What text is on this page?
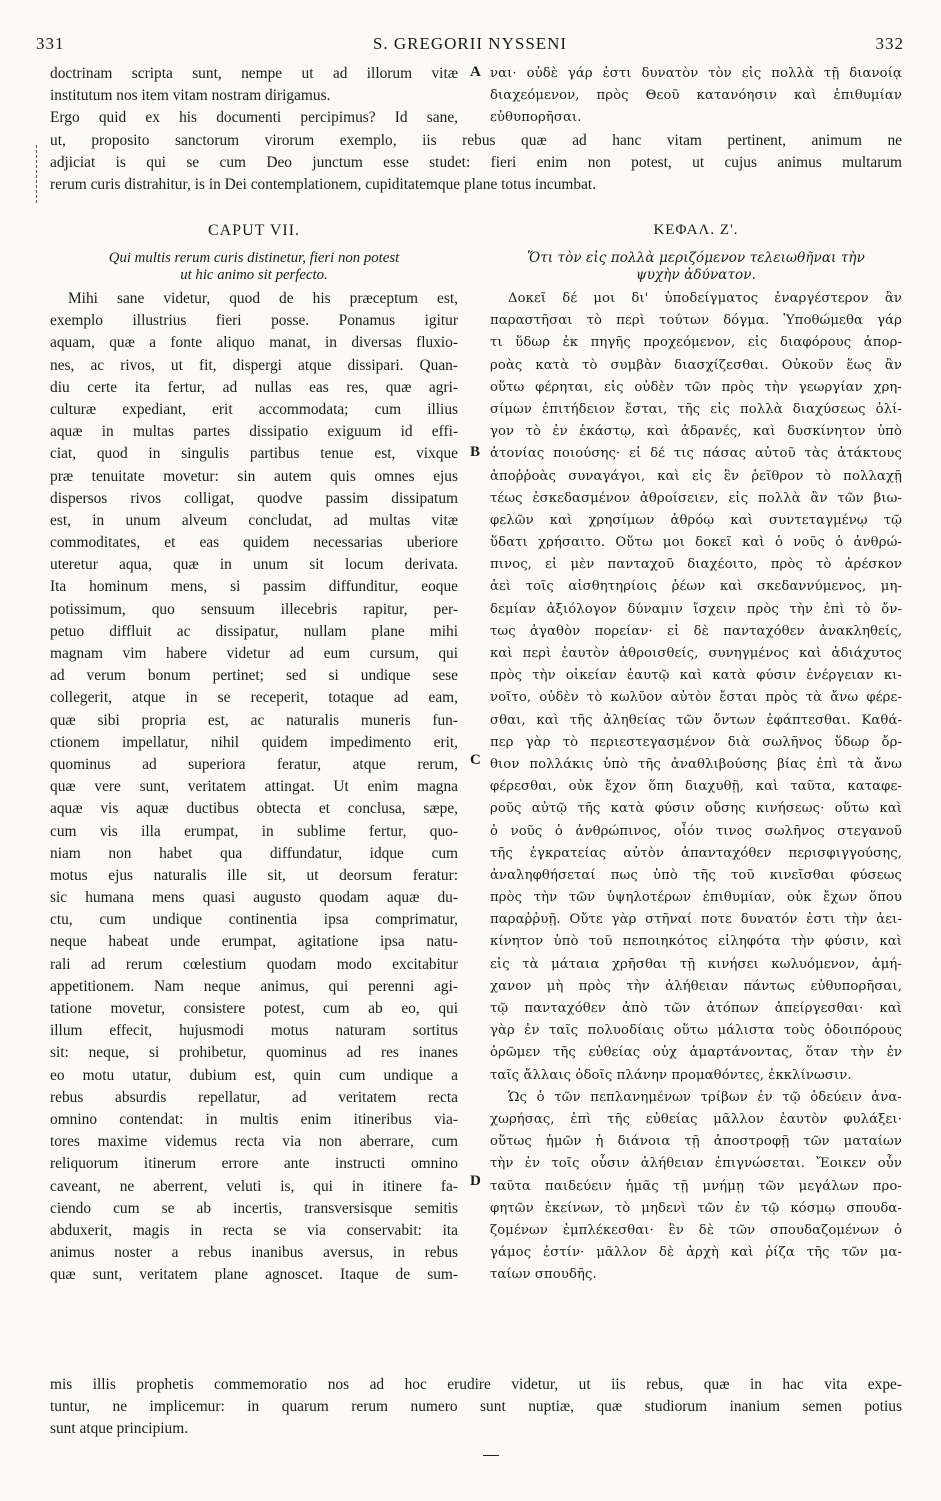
331	S. GREGORII NYSSENI	332
doctrinam scripta sunt, nempe ut ad illorum vitæ
institutum nos item vitam nostram dirigamus.
Ergo quid ex his documenti percipimus? Id sane,
A ναι· οὐδὲ γάρ ἐστι δυνατὸν τὸν εἰς πολλὰ τῇ διανοίᾳ
διαχεόμενον, πρὸς Θεοῦ κατανόησιν καὶ ἐπιθυμίαν
εὐθυπορῆσαι.
ut, proposito sanctorum virorum exemplo, iis rebus quæ ad hanc vitam pertinent, animum ne
adjiciat is qui se cum Deo junctum esse studet: fieri enim non potest, ut cujus animus multarum
rerum curis distrahitur, is in Dei contemplationem, cupiditatemque plane totus incumbat.
CAPUT VII.	ΚΕΦΑΛ. Ζ'.
Qui multis rerum curis distinetur, fieri non potest
ut hic animo sit perfecto.
Ὅτι τὸν εἰς πολλὰ μεριζόμενον τελειωθῆναι τὴν
ψυχὴν ἀδύνατον.
Mihi sane videtur, quod de his præceptum est,
exemplo illustrius fieri posse. Ponamus igitur
aquam, quæ a fonte aliquo manat, in diversas fluxio-
nes, ac rivos, ut fit, dispergi atque dissipari. Quan-
diu certe ita fertur, ad nullas eas res, quæ agri-
culturæ expediant, erit accommodata; cum illius
aquæ in multas partes dissipatio exiguum id effi-
ciat, quod in singulis partibus tenue est, vixque
præ tenuitate movetur: sin autem quis omnes ejus
dispersos rivos colligat, quodve passim dissipatum
est, in unum alveum concludat, ad multas vitæ
commoditates, et eas quidem necessarias uberiore
uteretur aqua, quæ in unum sit locum derivata.
Ita hominum mens, si passim diffunditur, eoque
potissimum, quo sensuum illecebris rapitur, per-
petuo diffluit ac dissipatur, nullam plane mihi
magnam vim habere videtur ad eum cursum, qui
ad verum bonum pertinet; sed si undique sese
collegerit, atque in se receperit, totaque ad eam,
quæ sibi propria est, ac naturalis muneris fun-
ctionem impellatur, nihil quidem impedimento erit,
quominus ad superiora feratur, atque rerum,
quæ vere sunt, veritatem attingat. Ut enim magna
aquæ vis aquæ ductibus obtecta et conclusa, sæpe,
cum vis illa erumpat, in sublime fertur, quo-
niam non habet qua diffundatur, idque cum
motus ejus naturalis ille sit, ut deorsum feratur:
sic humana mens quasi augusto quodam aquæ du-
ctu, cum undique continentia ipsa comprimatur,
neque habeat unde erumpat, agitatione ipsa natu-
rali ad rerum cœlestium quodam modo excitabitur
appetitionem. Nam neque animus, qui perenni agi-
tatione movetur, consistere potest, cum ab eo, qui
illum effecit, hujusmodi motus naturam sortitus
sit: neque, si prohibetur, quominus ad res inanes
eo motu utatur, dubium est, quin cum undique a
rebus absurdis repellatur, ad veritatem recta
omnino contendat: in multis enim itineribus via-
tores maxime videmus recta via non aberrare, cum
reliquorum itinerum errore ante instructi omnino
caveant, ne aberrent, veluti is, qui in itinere fa-
ciendo cum se ab incertis, transversisque semitis
abduxerit, magis in recta se via conservabit: ita
animus noster a rebus inanibus aversus, in rebus
quæ sunt, veritatem plane agnoscet. Itaque de sum-
B
C
D
Δοκεῖ δέ μοι δι' ὑποδείγματος ἐναργέστερον ἂν
παραστῆσαι τὸ περὶ τούτων δόγμα. Ὑποθώμεθα γάρ
τι ὕδωρ ἐκ πηγῆς προχεόμενον, εἰς διαφόρους ἀπορ-
ροὰς κατὰ τὸ συμβὰν διασχίζεσθαι. Οὐκοῦν ἕως ἂν
οὕτω φέρηται, εἰς οὐδὲν τῶν πρὸς τὴν γεωργίαν χρη-
σίμων ἐπιτήδειον ἔσται, τῆς εἰς πολλὰ διαχύσεως ὀλί-
γον τὸ ἐν ἑκάστῳ, καὶ ἀδρανές, καὶ δυσκίνητον ὑπὸ
ἀτονίας ποιούσης· εἰ δέ τις πάσας αὐτοῦ τὰς ἀτάκτους
ἀποῤῥοὰς συναγάγοι, καὶ εἰς ἓν ῥεῖθρον τὸ πολλαχῇ
τέως ἐσκεδασμένον ἀθροίσειεν, εἰς πολλὰ ἂν τῶν βιω-
φελῶν καὶ χρησίμων ἀθρόῳ καὶ συντεταγμένῳ τῷ
ὕδατι χρήσαιτο. Οὕτω μοι δοκεῖ καὶ ὁ νοῦς ὁ ἀνθρώ-
πινος, εἰ μὲν πανταχοῦ διαχέοιτο, πρὸς τὸ ἀρέσκον
ἀεὶ τοῖς αἰσθητηρίοις ῥέων καὶ σκεδαννύμενος, μη-
δεμίαν ἀξιόλογον δύναμιν ἴσχειν πρὸς τὴν ἐπὶ τὸ ὄν-
τως ἀγαθὸν πορείαν· εἰ δὲ πανταχόθεν ἀνακληθείς,
καὶ περὶ ἑαυτὸν ἀθροισθείς, συνηγμένος καὶ ἀδιάχυτος
πρὸς τὴν οἰκείαν ἑαυτῷ καὶ κατὰ φύσιν ἐνέργειαν κι-
νοῖτο, οὐδὲν τὸ κωλῦον αὐτὸν ἔσται πρὸς τὰ ἄνω φέρε-
σθαι, καὶ τῆς ἀληθείας τῶν ὄντων ἐφάπτεσθαι. Καθά-
περ γὰρ τὸ περιεστεγασμένον διὰ σωλῆνος ὕδωρ ὄρ-
θιον πολλάκις ὑπὸ τῆς ἀναθλιβούσης βίας ἐπὶ τὰ ἄνω
φέρεσθαι, οὐκ ἔχον ὅπη διαχυθῇ, καὶ ταῦτα, καταφε-
ροῦς αὐτῷ τῆς κατὰ φύσιν οὔσης κινήσεως· οὕτω καὶ
ὁ νοῦς ὁ ἀνθρώπινος, οἷόν τινος σωλῆνος στεγανοῦ
τῆς ἐγκρατείας αὐτὸν ἀπανταχόθεν περισφιγγούσης,
ἀναληφθήσεταί πως ὑπὸ τῆς τοῦ κινεῖσθαι φύσεως
πρὸς τὴν τῶν ὑψηλοτέρων ἐπιθυμίαν, οὐκ ἔχων ὅπου
παραῤῥυῇ. Οὔτε γὰρ στῆναί ποτε δυνατόν ἐστι τὴν ἀει-
κίνητον ὑπὸ τοῦ πεποιηκότος εἰληφότα τὴν φύσιν, καὶ
εἰς τὰ μάταια χρῆσθαι τῇ κινήσει κωλυόμενον, ἀμή-
χανον μὴ πρὸς τὴν ἀλήθειαν πάντως εὐθυπορῆσαι,
τῷ πανταχόθεν ἀπὸ τῶν ἀτόπων ἀπείργεσθαι· καὶ
γὰρ ἐν ταῖς πολυοδίαις οὕτω μάλιστα τοὺς ὁδοιπόρους
ὁρῶμεν τῆς εὐθείας οὐχ ἁμαρτάνοντας, ὅταν τὴν ἐν
ταῖς ἄλλαις ὁδοῖς πλάνην προμαθόντες, ἐκκλίνωσιν.
Ὡς ὁ τῶν πεπλανημένων τρίβων ἐν τῷ ὁδεύειν ἀνα-
χωρήσας, ἐπὶ τῆς εὐθείας μᾶλλον ἑαυτὸν φυλάξει·
οὕτως ἡμῶν ἡ διάνοια τῇ ἀποστροφῇ τῶν ματαίων
τὴν ἐν τοῖς οὖσιν ἀλήθειαν ἐπιγνώσεται. Ἔοικεν οὖν
ταῦτα παιδεύειν ἡμᾶς τῇ μνήμῃ τῶν μεγάλων προ-
φητῶν ἐκείνων, τὸ μηδενὶ τῶν ἐν τῷ κόσμῳ σπουδα-
ζομένων ἐμπλέκεσθαι· ἓν δὲ τῶν σπουδαζομένων ὁ
γάμος ἐστίν· μᾶλλον δὲ ἀρχὴ καὶ ῥίζα τῆς τῶν μα-
ταίων σπουδῆς.
mis illis prophetis commemoratio nos ad hoc erudire videtur, ut iis rebus, quæ in hac vita expe-
tuntur, ne implicemur: in quarum rerum numero sunt nuptiæ, quæ studiorum inanium semen potius
sunt atque principium.
